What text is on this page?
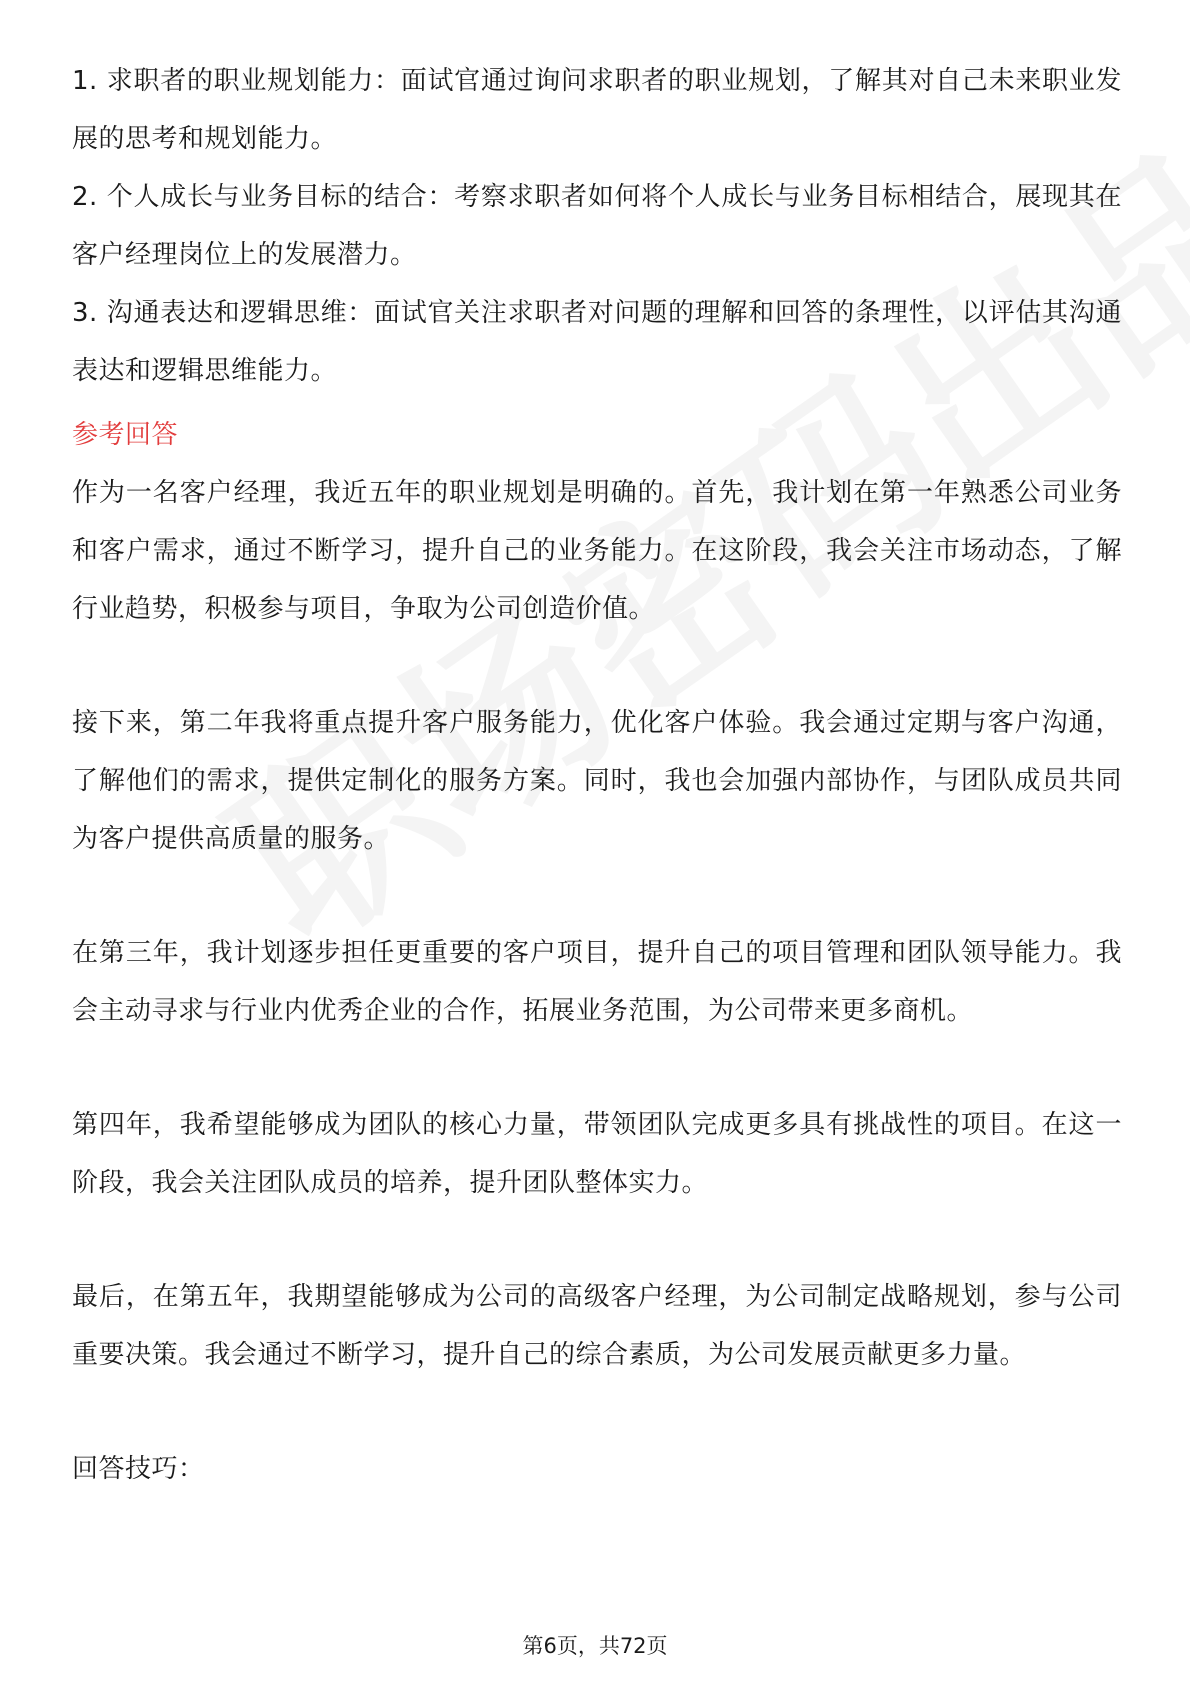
1. 求职者的职业规划能力：面试官通过询问求职者的职业规划，了解其对自己未来职业发展的思考和规划能力。

2. 个人成长与业务目标的结合：考察求职者如何将个人成长与业务目标相结合，展现其在客户经理岗位上的发展潜力。

3. 沟通表达和逻辑思维：面试官关注求职者对问题的理解和回答的条理性，以评估其沟通表达和逻辑思维能力。

参考回答

作为一名客户经理，我近五年的职业规划是明确的。首先，我计划在第一年熟悉公司业务和客户需求，通过不断学习，提升自己的业务能力。在这阶段，我会关注市场动态，了解行业趋势，积极参与项目，争取为公司创造价值。

接下来，第二年我将重点提升客户服务能力，优化客户体验。我会通过定期与客户沟通，了解他们的需求，提供定制化的服务方案。同时，我也会加强内部协作，与团队成员共同为客户提供高质量的服务。

在第三年，我计划逐步担任更重要的客户项目，提升自己的项目管理和团队领导能力。我会主动寻求与行业内优秀企业的合作，拓展业务范围，为公司带来更多商机。

第四年，我希望能够成为团队的核心力量，带领团队完成更多具有挑战性的项目。在这一阶段，我会关注团队成员的培养，提升团队整体实力。

最后，在第五年，我期望能够成为公司的高级客户经理，为公司制定战略规划，参与公司重要决策。我会通过不断学习，提升自己的综合素质，为公司发展贡献更多力量。

回答技巧：

第6页，共72页
